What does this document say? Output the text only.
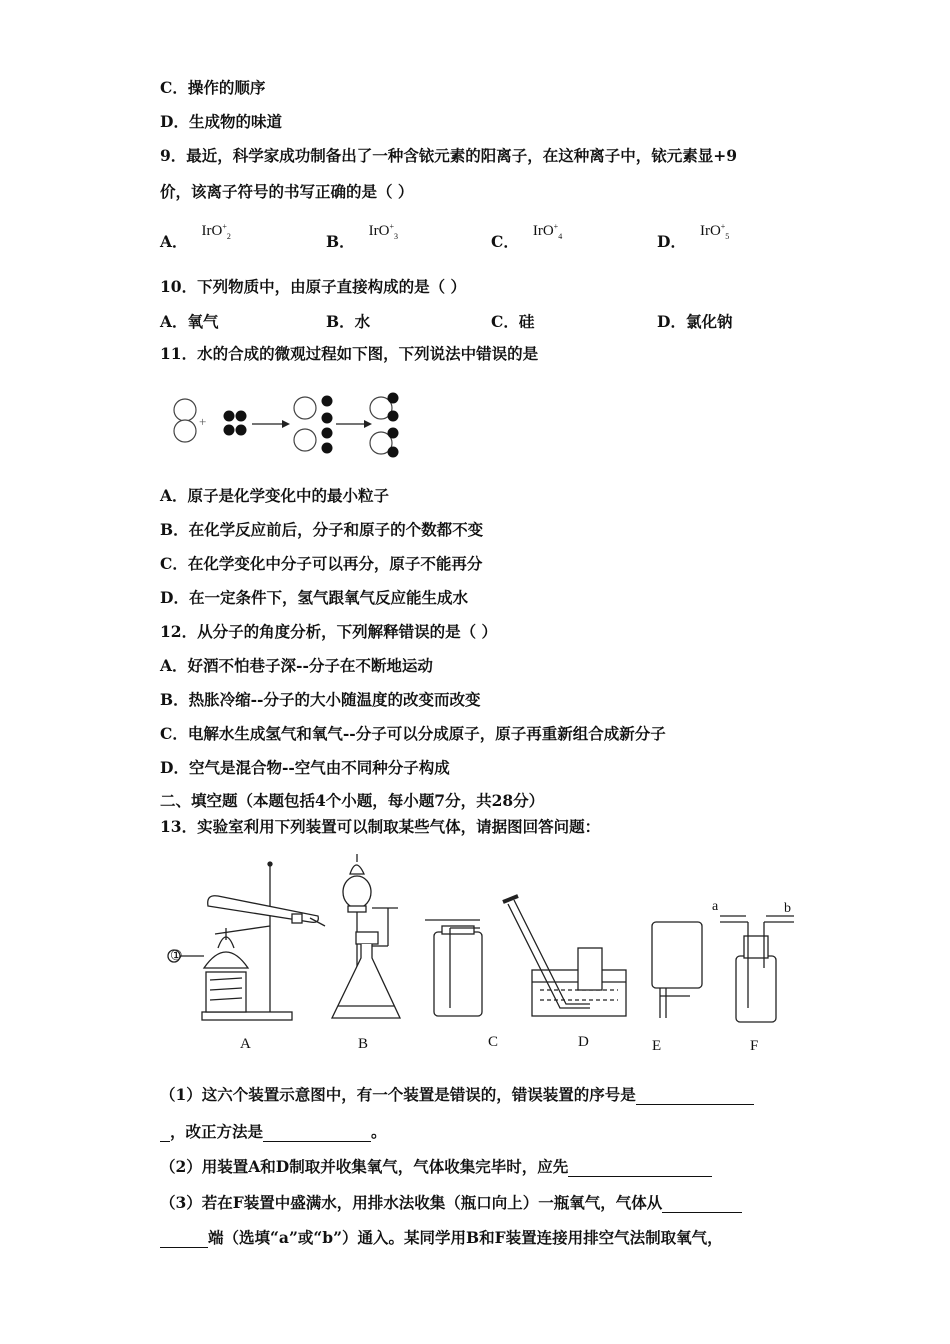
C．操作的顺序
D．生成物的味道
9．最近，科学家成功制备出了一种含铱元素的阳离子，在这种离子中，铱元素显+9
价，该离子符号的书写正确的是（ ）
A．IrO+$_2$	B．IrO+$_3$	C．IrO+$_4$	D．IrO+$_5$
10．下列物质中，由原子直接构成的是（ ）
A．氧气	B．水	C．硅	D．氯化钠
11．水的合成的微观过程如下图，下列说法中错误的是
+
A．原子是化学变化中的最小粒子
B．在化学反应前后，分子和原子的个数都不变
C．在化学变化中分子可以再分，原子不能再分
D．在一定条件下，氢气跟氧气反应能生成水
12．从分子的角度分析，下列解释错误的是（ ）
A．好酒不怕巷子深--分子在不断地运动
B．热胀冷缩--分子的大小随温度的改变而改变
C．电解水生成氢气和氧气--分子可以分成原子，原子再重新组合成新分子
D．空气是混合物--空气由不同种分子构成
二、填空题（本题包括4个小题，每小题7分，共28分）
13．实验室利用下列装置可以制取某些气体，请据图回答问题：
①
a	b
A	B	C	D	E	F
（1）这六个装置示意图中，有一个装置是错误的，错误装置的序号是
，改正方法是	。
（2）用装置A和D制取并收集氧气，气体收集完毕时，应先
（3）若在F装置中盛满水，用排水法收集（瓶口向上）一瓶氧气，气体从
端（选填“a”或“b”）通入。某同学用B和F装置连接用排空气法制取氧气，
